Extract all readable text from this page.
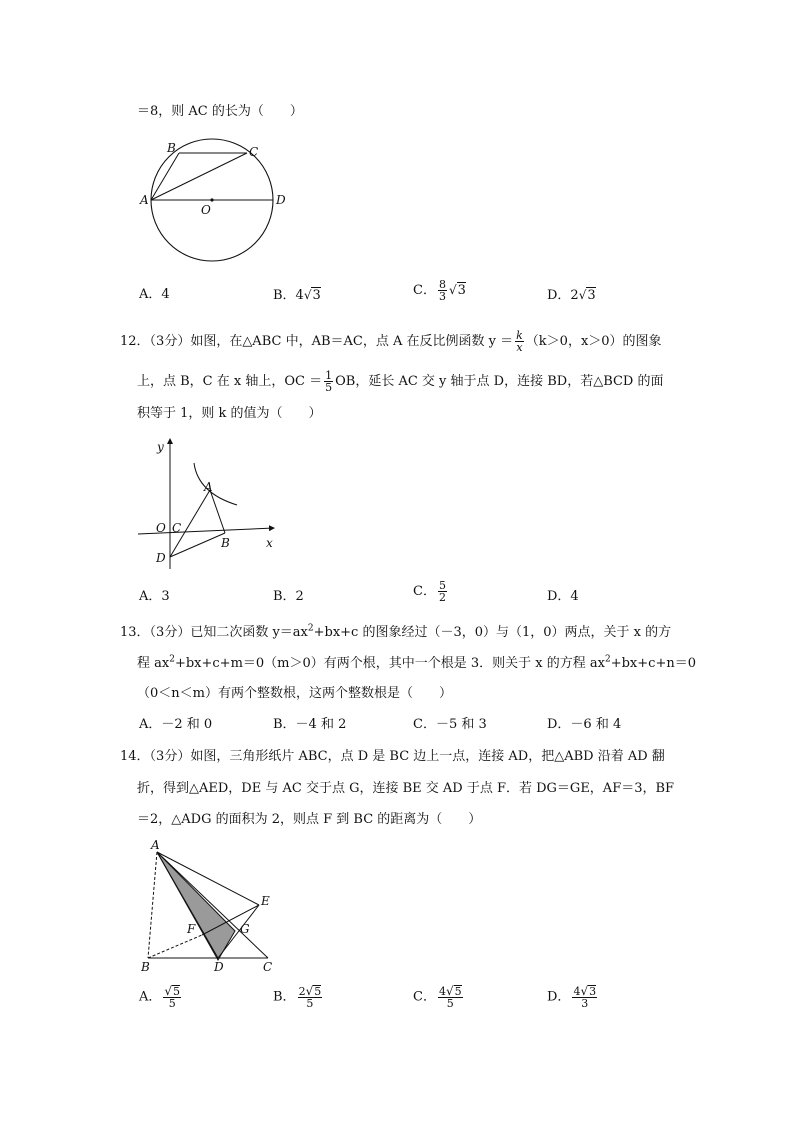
＝8，则 AC 的长为（　　）
A
B	C
D
O
A．4	B．4√3	C． $\frac{8}{3} √3$	D．2√3
12．（3分）如图，在△ABC 中，AB＝AC，点 A 在反比例函数 $y = \frac{k}{x} (k>0$，x＞0）的图象
上，点 B，C 在 x 轴上，OC ＝ $\frac{1}{5}$ OB，延长 AC 交 y 轴于点 D，连接 BD，若△BCD 的面
积等于 1，则 k 的值为（　　）
y
x
O C
A
B
D
A．3	B．2	C． $\frac{5}{2}$	D．4
13．（3分）已知二次函数 $y=ax^2+bx+c$ 的图象经过（－3，0）与（1，0）两点，关于 x 的方
程 $ax^2+bx+c+m=0(m>0)$有两个根，其中一个根是 3．则关于 x 的方程 $ax^2+bx+c+n=0$
（0＜n＜m）有两个整数根，这两个整数根是（　　）
A．－2 和 0	B．－4 和 2	C．－5 和 3	D．－6 和 4
14．（3分）如图，三角形纸片 ABC，点 D 是 BC 边上一点，连接 AD，把△ABD 沿着 AD 翻
折，得到△AED，DE 与 AC 交于点 G，连接 BE 交 AD 于点 F．若 DG＝GE，AF＝3，BF
＝2，△ADG 的面积为 2，则点 F 到 BC 的距离为（　　）
A
E
F	G
B	D	C
A． $\frac{√5}{5}$	B． $\frac{2√5}{5}$	C． $\frac{4√5}{5}$	D． $\frac{4√3}{3}$
